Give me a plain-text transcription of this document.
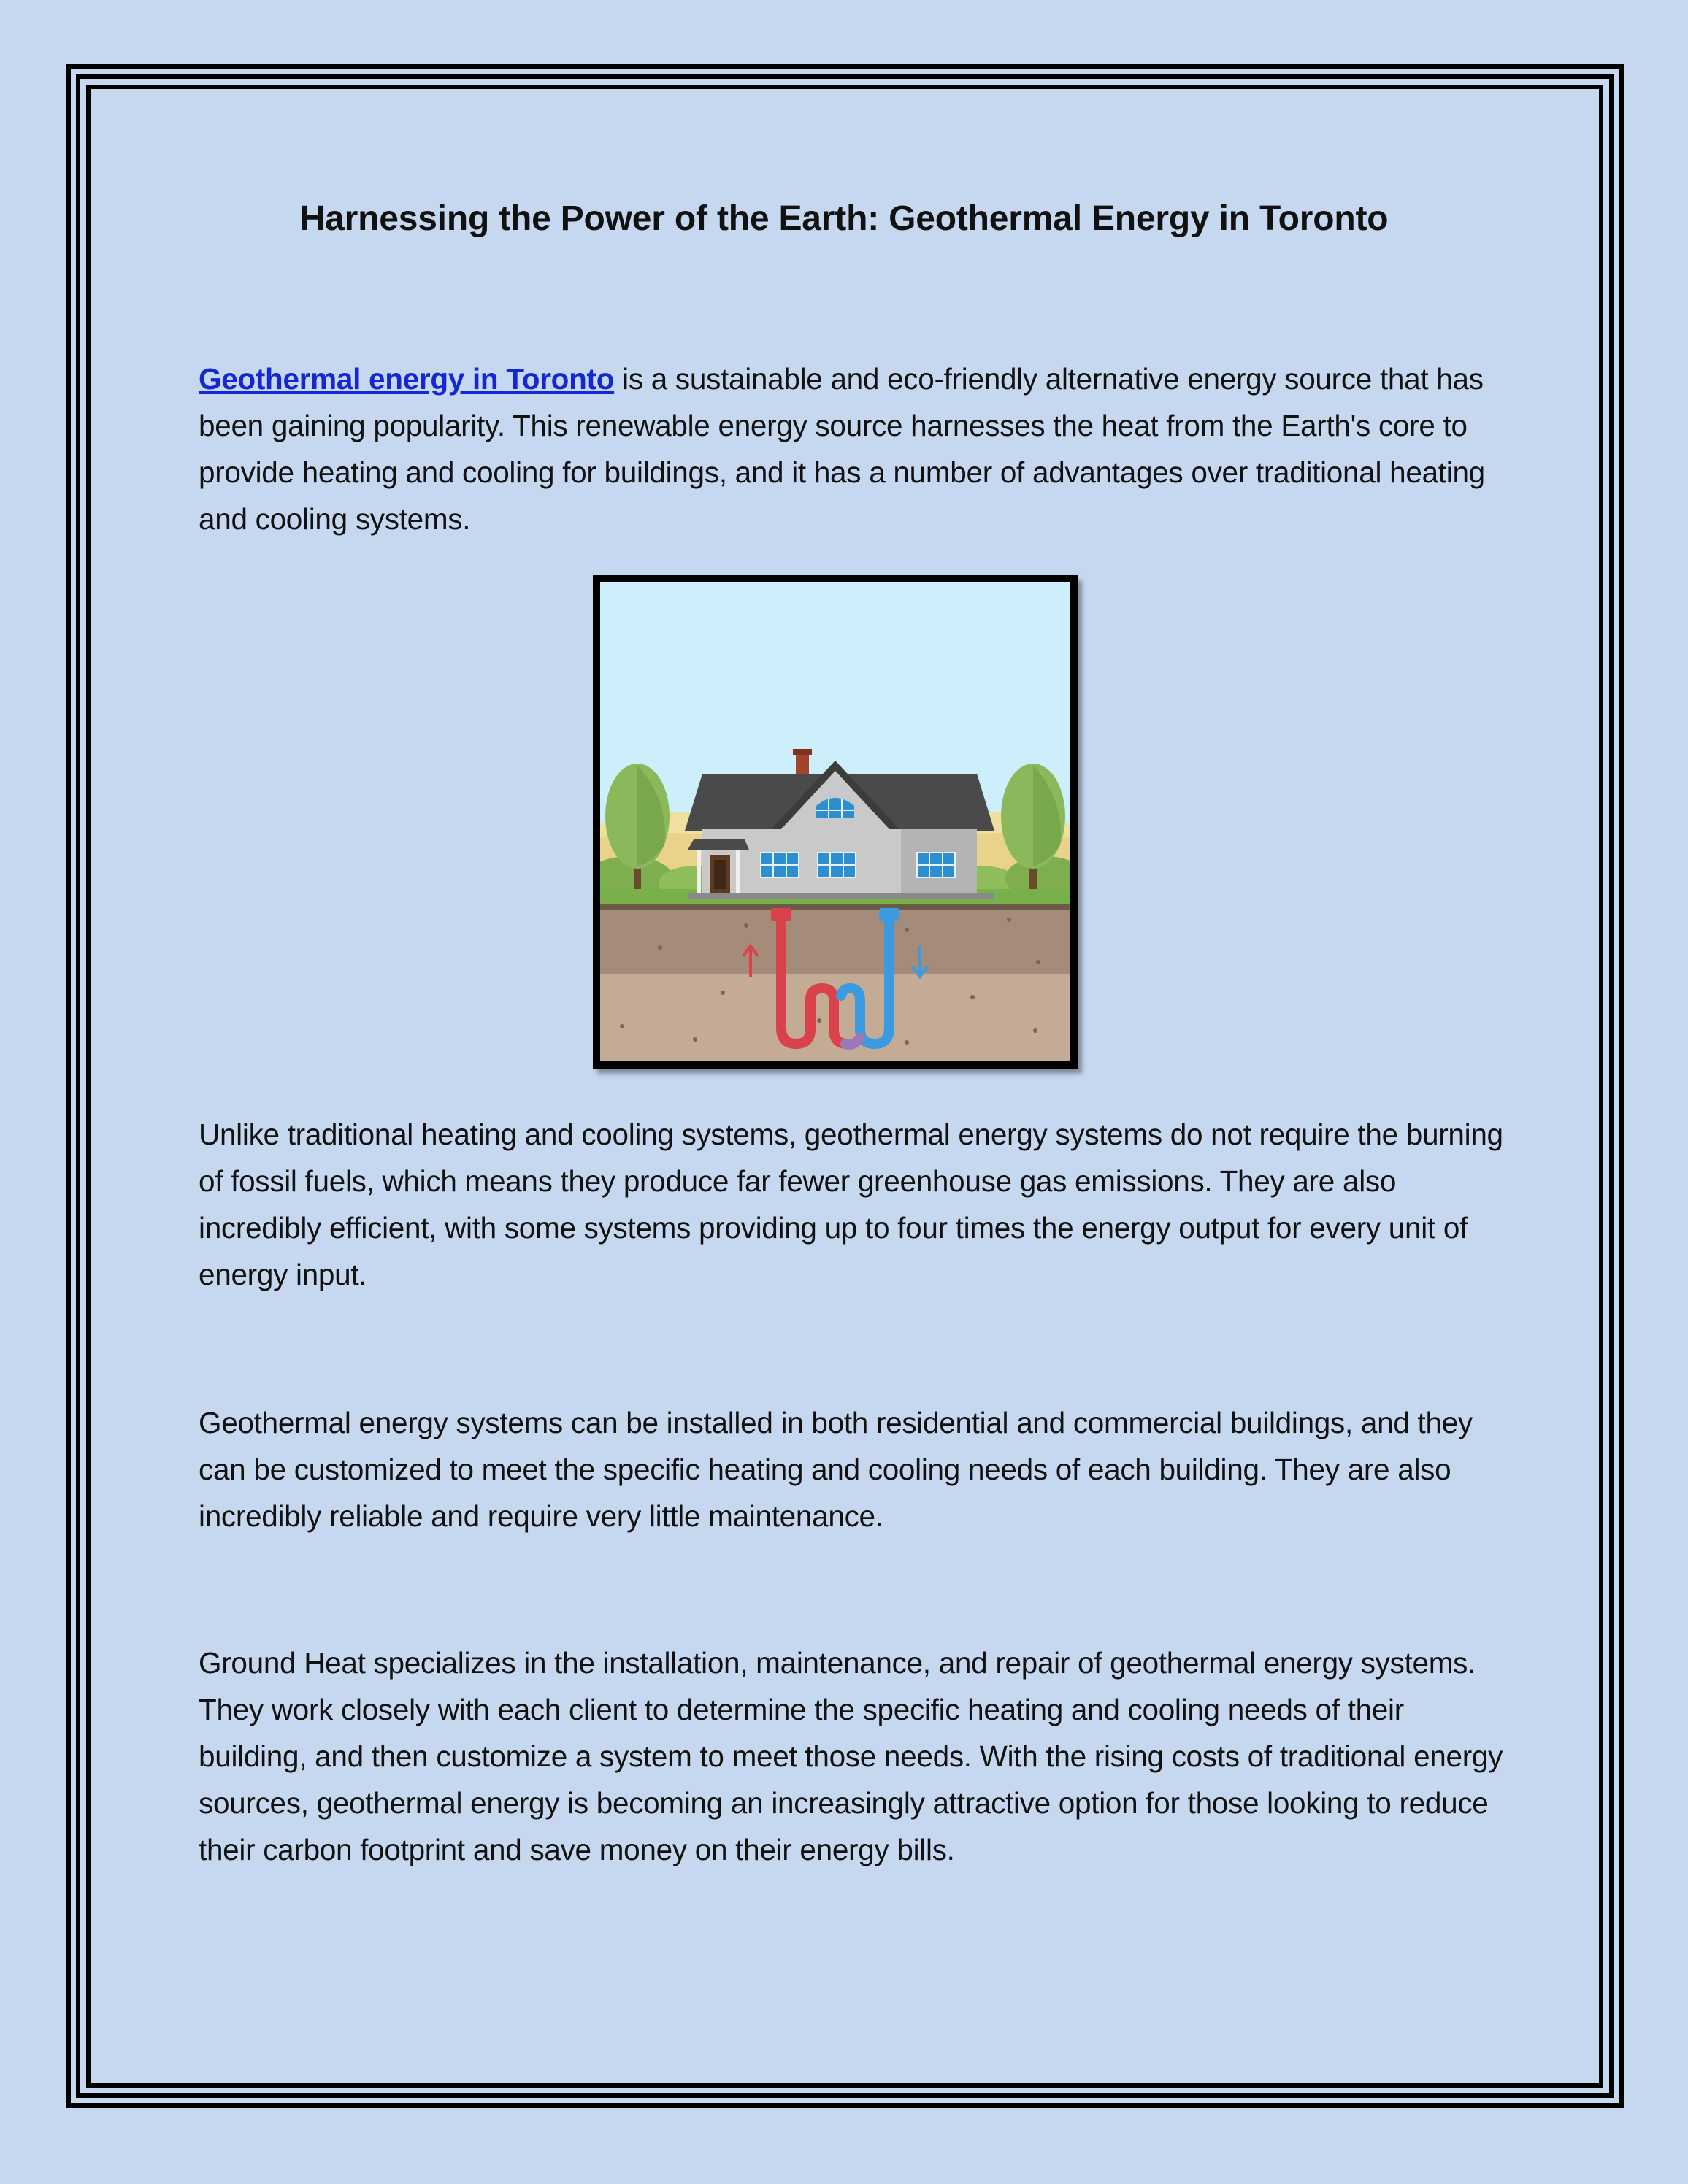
Harnessing the Power of the Earth: Geothermal Energy in Toronto

Geothermal energy in Toronto is a sustainable and eco-friendly alternative energy source that has been gaining popularity. This renewable energy source harnesses the heat from the Earth's core to provide heating and cooling for buildings, and it has a number of advantages over traditional heating and cooling systems.

Unlike traditional heating and cooling systems, geothermal energy systems do not require the burning of fossil fuels, which means they produce far fewer greenhouse gas emissions. They are also incredibly efficient, with some systems providing up to four times the energy output for every unit of energy input.

Geothermal energy systems can be installed in both residential and commercial buildings, and they can be customized to meet the specific heating and cooling needs of each building. They are also incredibly reliable and require very little maintenance.

Ground Heat specializes in the installation, maintenance, and repair of geothermal energy systems. They work closely with each client to determine the specific heating and cooling needs of their building, and then customize a system to meet those needs. With the rising costs of traditional energy sources, geothermal energy is becoming an increasingly attractive option for those looking to reduce their carbon footprint and save money on their energy bills.
